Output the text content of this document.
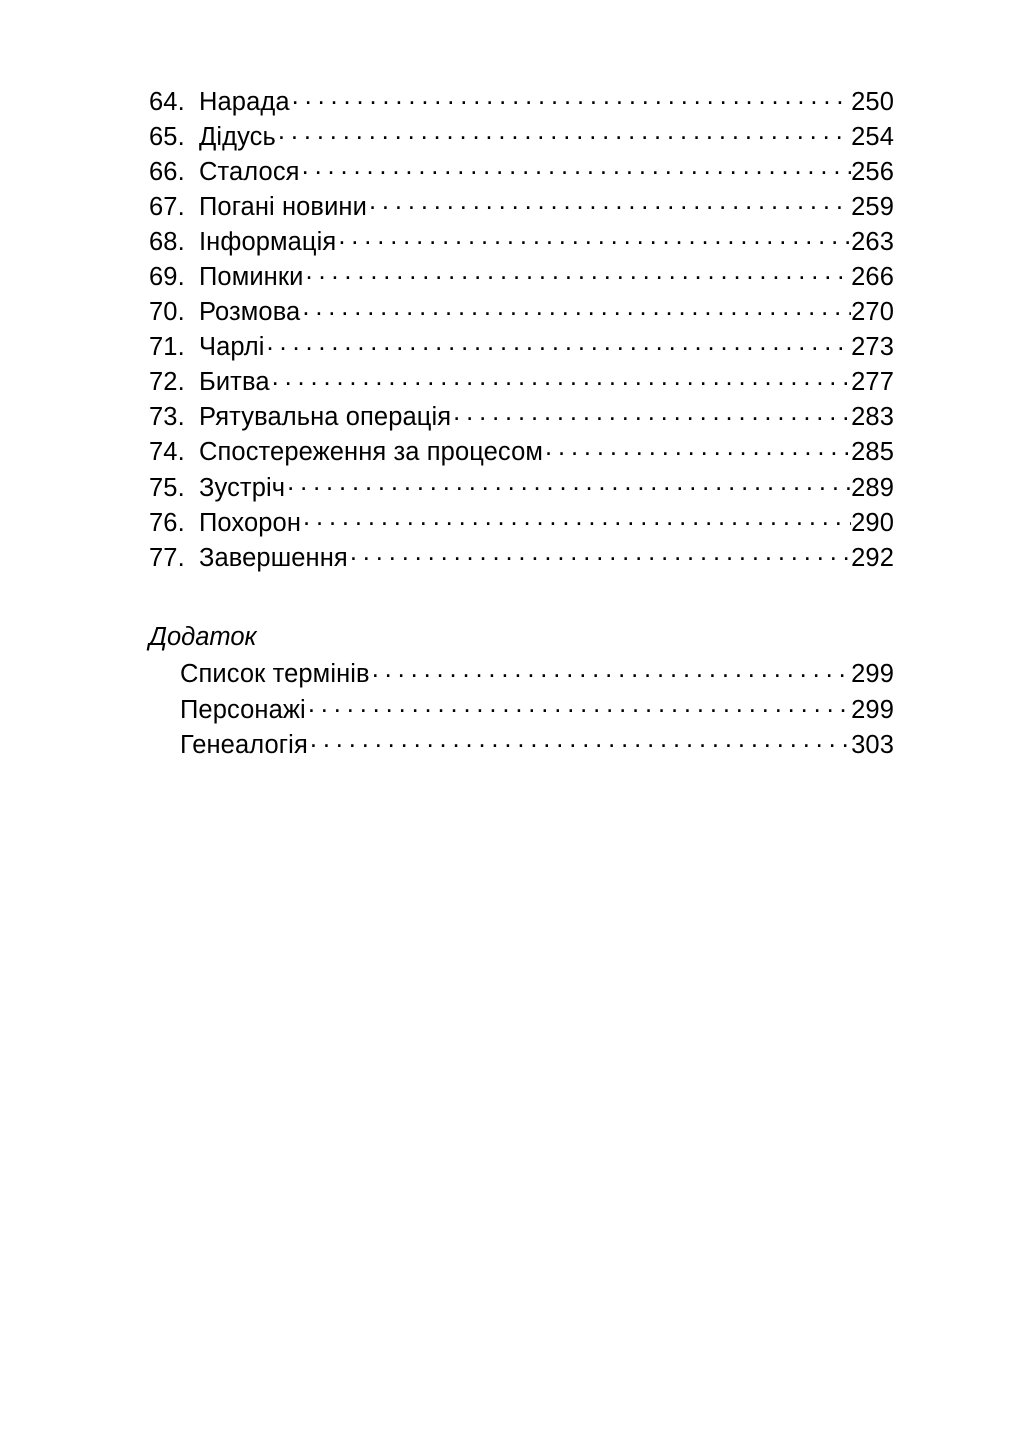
64. Нарада . . .	250
65. Дідусь . . .	254
66. Сталося . . .	256
67. Погані новини . . .	259
68. Інформація . . .	263
69. Поминки . . .	266
70. Розмова . . .	270
71. Чарлі . . .	273
72. Битва . . .	277
73. Рятувальна операція . . .	283
74. Спостереження за процесом . . .	285
75. Зустріч . . .	289
76. Похорон . . .	290
77. Завершення . . .	292
Додаток
Список термінів . . .	299
Персонажі . . .	299
Генеалогія . . .	303
